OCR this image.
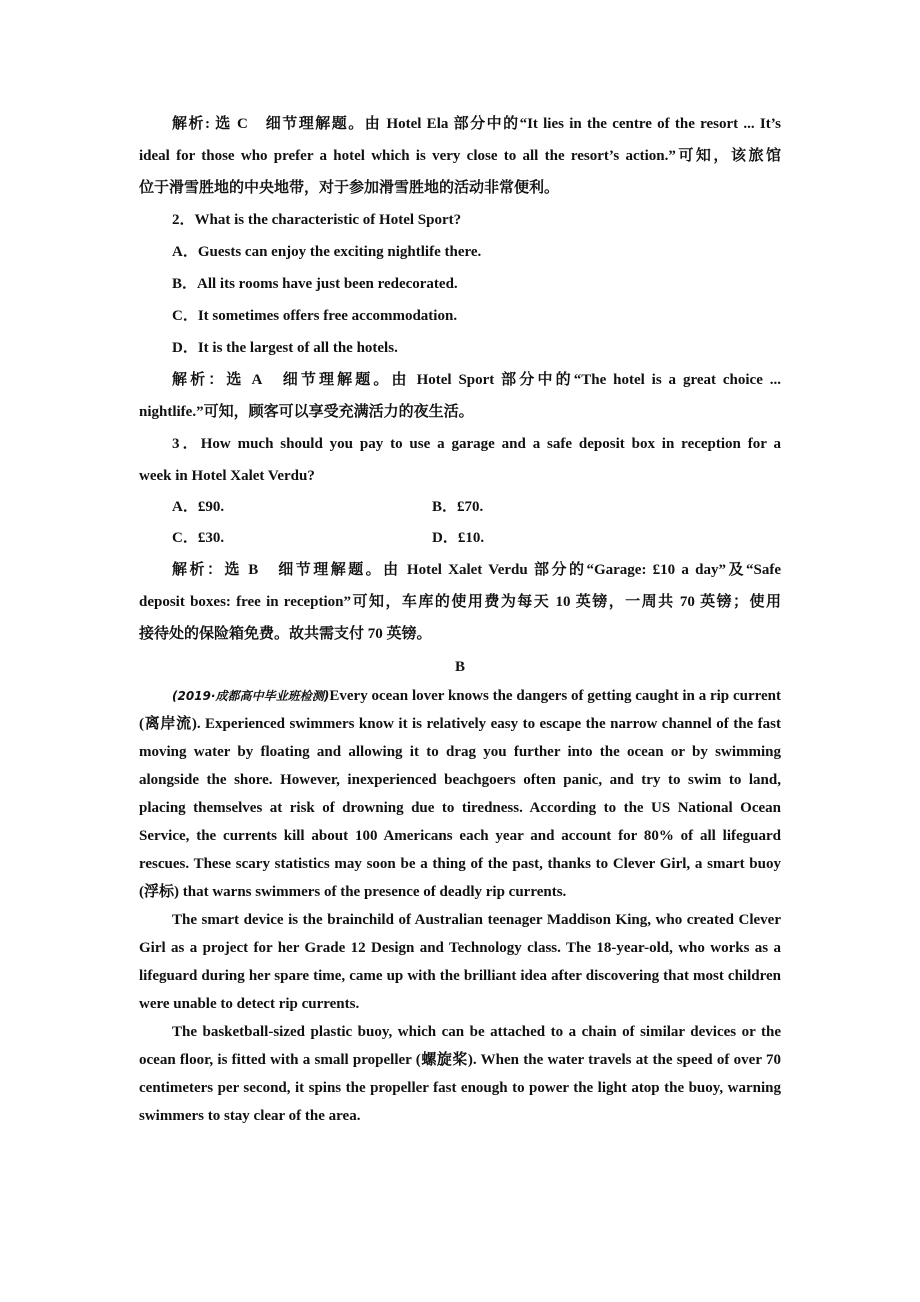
解析: 选 C　细节理解题。由 Hotel Ela 部分中的“It lies in the centre of the resort ... It’s
ideal for those who prefer a hotel which is very close to all the resort’s action.”可知，该旅馆
位于滑雪胜地的中央地带，对于参加滑雪胜地的活动非常便利。
2．What is the characteristic of Hotel Sport?
A．Guests can enjoy the exciting nightlife there.
B．All its rooms have just been redecorated.
C．It sometimes offers free accommodation.
D．It is the largest of all the hotels.
解析：选 A　细节理解题。由 Hotel Sport 部分中的“The hotel is a great choice ...
nightlife.”可知，顾客可以享受充满活力的夜生活。
3．How much should you pay to use a garage and a safe deposit box in reception for a
week in Hotel Xalet Verdu?
A．£90.	B．£70.
C．£30.	D．£10.
解析：选 B　细节理解题。由 Hotel Xalet Verdu 部分的“Garage: £10 a day”及“Safe
deposit boxes: free in reception”可知，车库的使用费为每天 10 英镑，一周共 70 英镑；使用
接待处的保险箱免费。故共需支付 70 英镑。
B

(2019·成都高中毕业班检测)Every ocean lover knows the dangers of getting caught in a rip current (离岸流). Experienced swimmers know it is relatively easy to escape the narrow channel of the fast moving water by floating and allowing it to drag you further into the ocean or by swimming alongside the shore. However, inexperienced beachgoers often panic, and try to swim to land, placing themselves at risk of drowning due to tiredness. According to the US National Ocean Service, the currents kill about 100 Americans each year and account for 80% of all lifeguard rescues. These scary statistics may soon be a thing of the past, thanks to Clever Girl, a smart buoy (浮标) that warns swimmers of the presence of deadly rip currents.

The smart device is the brainchild of Australian teenager Maddison King, who created Clever Girl as a project for her Grade 12 Design and Technology class. The 18-year-old, who works as a lifeguard during her spare time, came up with the brilliant idea after discovering that most children were unable to detect rip currents.

The basketball-sized plastic buoy, which can be attached to a chain of similar devices or the ocean floor, is fitted with a small propeller (螺旋桨). When the water travels at the speed of over 70 centimeters per second, it spins the propeller fast enough to power the light atop the buoy, warning swimmers to stay clear of the area.
